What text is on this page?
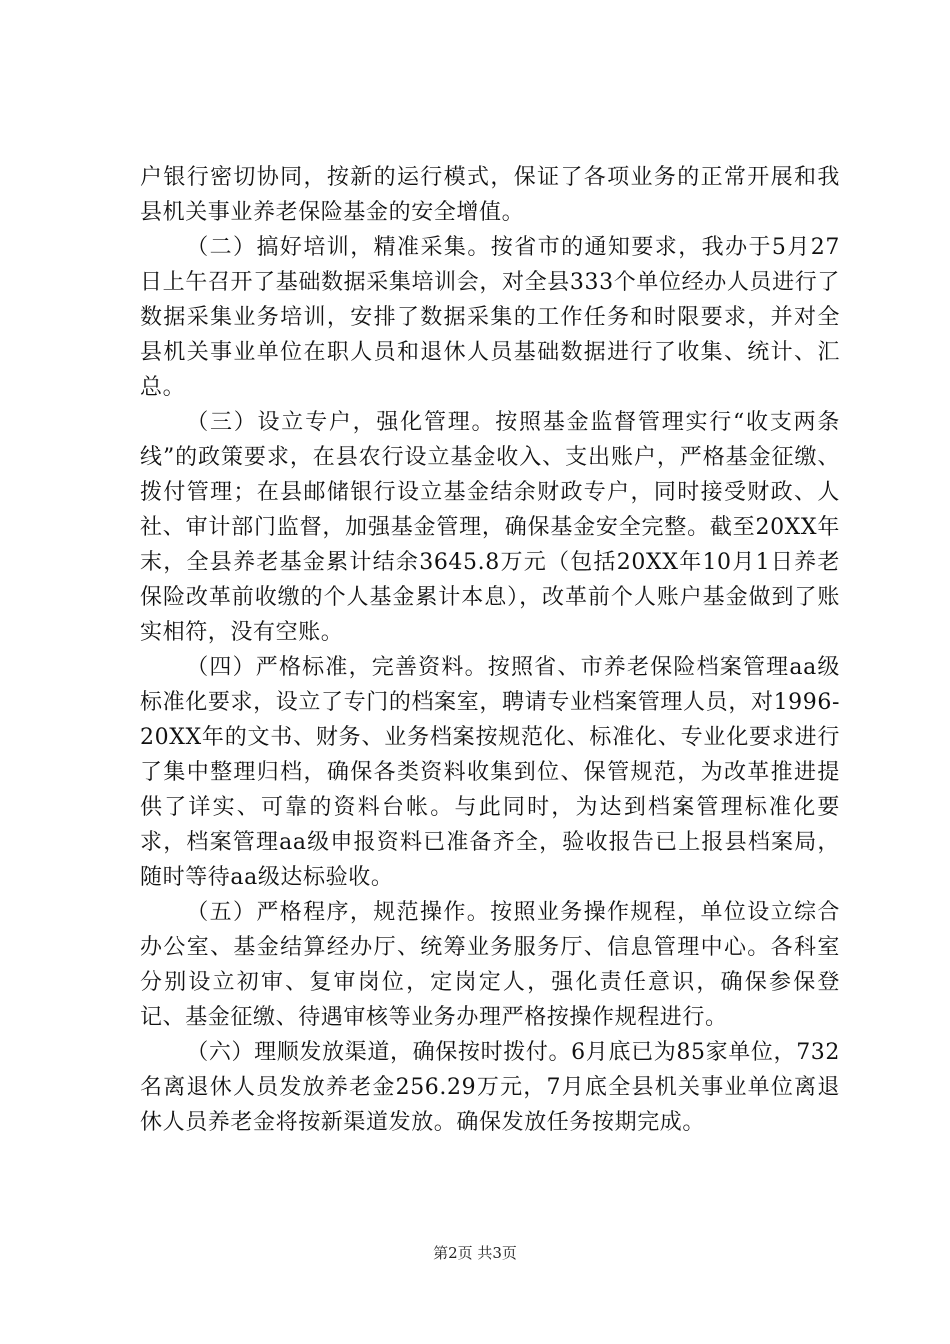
户银行密切协同，按新的运行模式，保证了各项业务的正常开展和我县机关事业养老保险基金的安全增值。

（二）搞好培训，精准采集。按省市的通知要求，我办于5月27日上午召开了基础数据采集培训会，对全县333个单位经办人员进行了数据采集业务培训，安排了数据采集的工作任务和时限要求，并对全县机关事业单位在职人员和退休人员基础数据进行了收集、统计、汇总。

（三）设立专户，强化管理。按照基金监督管理实行“收支两条线”的政策要求，在县农行设立基金收入、支出账户，严格基金征缴、拨付管理；在县邮储银行设立基金结余财政专户，同时接受财政、人社、审计部门监督，加强基金管理，确保基金安全完整。截至20XX年末，全县养老基金累计结余3645.8万元（包括20XX年10月1日养老保险改革前收缴的个人基金累计本息），改革前个人账户基金做到了账实相符，没有空账。

（四）严格标准，完善资料。按照省、市养老保险档案管理aa级标准化要求，设立了专门的档案室，聘请专业档案管理人员，对1996-20XX年的文书、财务、业务档案按规范化、标准化、专业化要求进行了集中整理归档，确保各类资料收集到位、保管规范，为改革推进提供了详实、可靠的资料台帐。与此同时，为达到档案管理标准化要求，档案管理aa级申报资料已准备齐全，验收报告已上报县档案局，随时等待aa级达标验收。

（五）严格程序，规范操作。按照业务操作规程，单位设立综合办公室、基金结算经办厅、统筹业务服务厅、信息管理中心。各科室分别设立初审、复审岗位，定岗定人，强化责任意识，确保参保登记、基金征缴、待遇审核等业务办理严格按操作规程进行。

（六）理顺发放渠道，确保按时拨付。6月底已为85家单位，732名离退休人员发放养老金256.29万元，7月底全县机关事业单位离退休人员养老金将按新渠道发放。确保发放任务按期完成。

第2页 共3页
